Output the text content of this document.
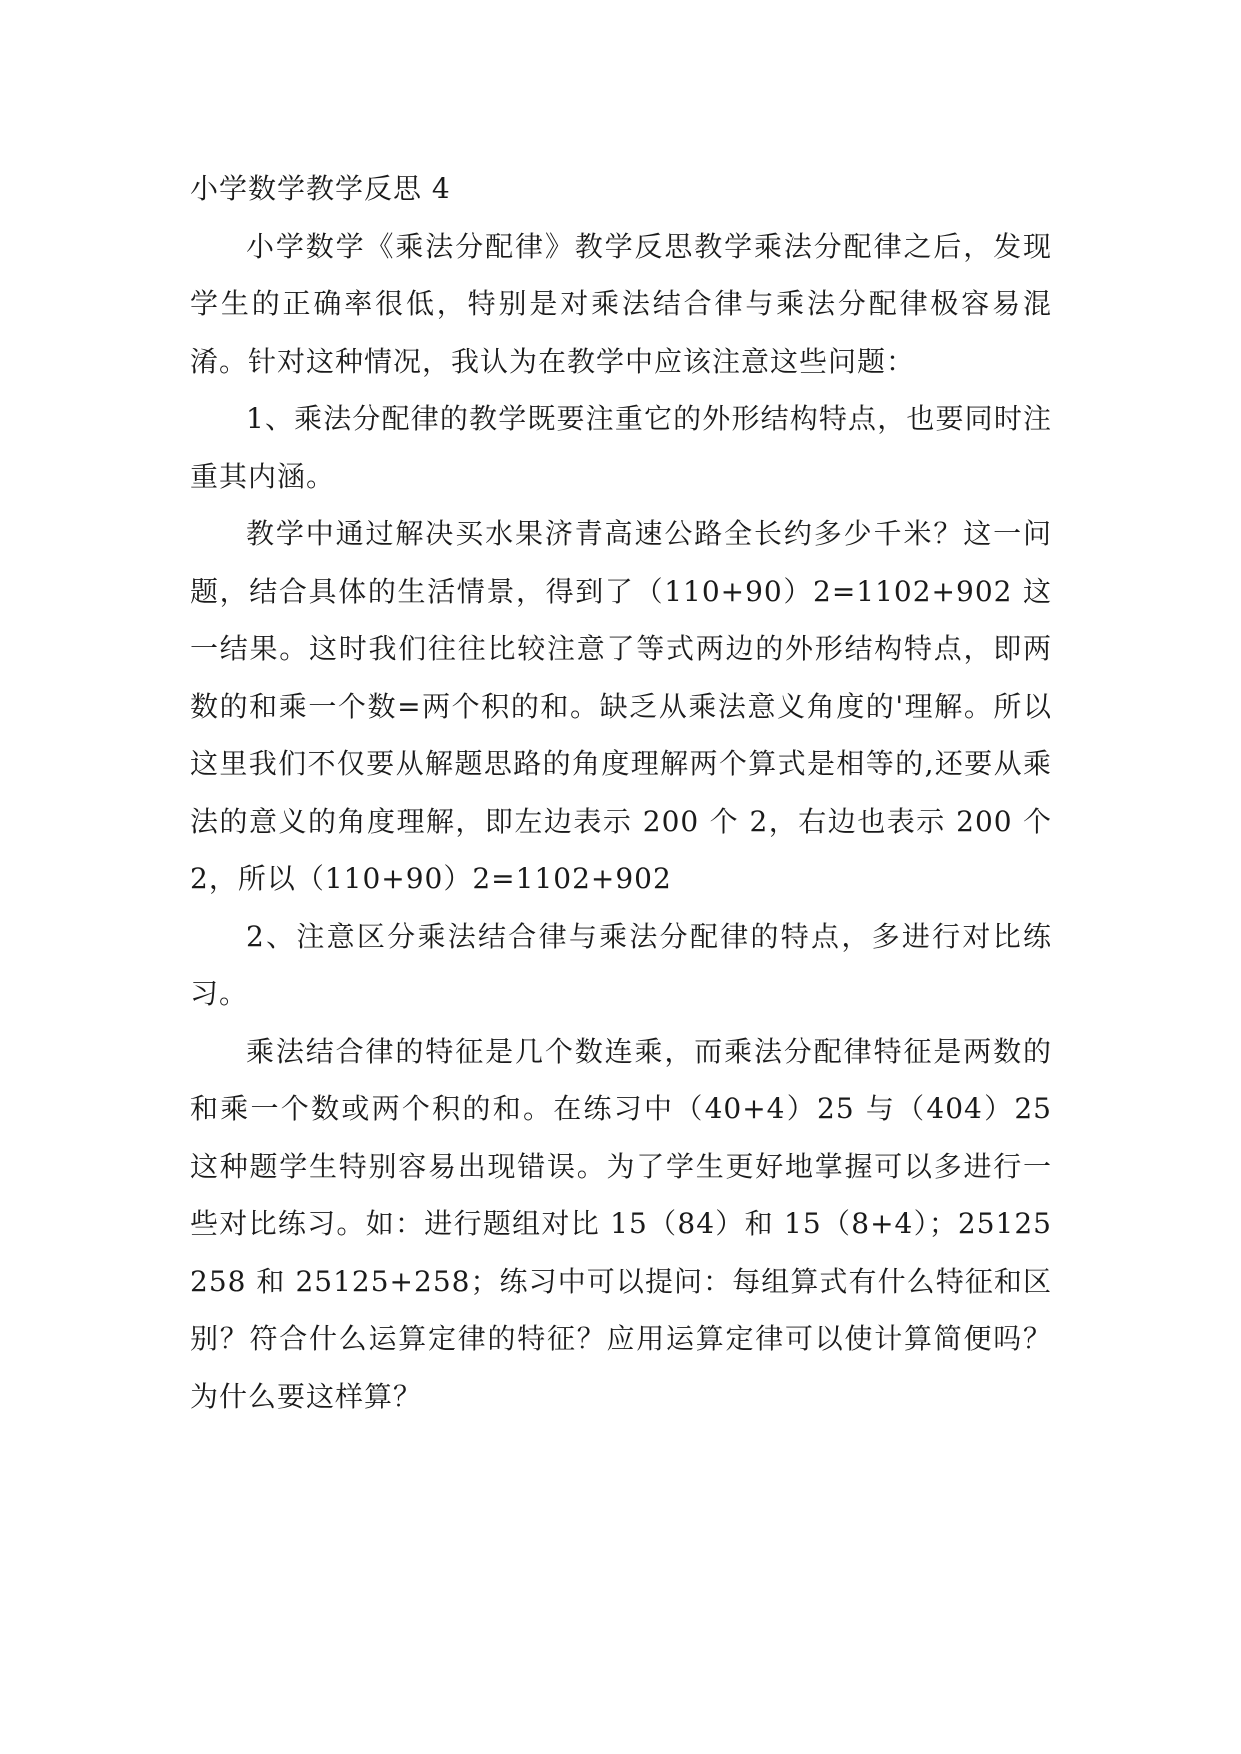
小学数学教学反思 4

小学数学《乘法分配律》教学反思教学乘法分配律之后，发现学生的正确率很低，特别是对乘法结合律与乘法分配律极容易混淆。针对这种情况，我认为在教学中应该注意这些问题：

1、乘法分配律的教学既要注重它的外形结构特点，也要同时注重其内涵。

教学中通过解决买水果济青高速公路全长约多少千米？这一问题，结合具体的生活情景，得到了（110+90）2=1102+902 这一结果。这时我们往往比较注意了等式两边的外形结构特点，即两数的和乘一个数=两个积的和。缺乏从乘法意义角度的'理解。所以这里我们不仅要从解题思路的角度理解两个算式是相等的,还要从乘法的意义的角度理解，即左边表示 200 个 2，右边也表示 200 个 2，所以（110+90）2=1102+902

2、注意区分乘法结合律与乘法分配律的特点，多进行对比练习。

乘法结合律的特征是几个数连乘，而乘法分配律特征是两数的和乘一个数或两个积的和。在练习中（40+4）25 与（404）25 这种题学生特别容易出现错误。为了学生更好地掌握可以多进行一些对比练习。如：进行题组对比 15（84）和 15（8+4）；25125258 和 25125+258；练习中可以提问：每组算式有什么特征和区别？符合什么运算定律的特征？应用运算定律可以使计算简便吗？为什么要这样算？
